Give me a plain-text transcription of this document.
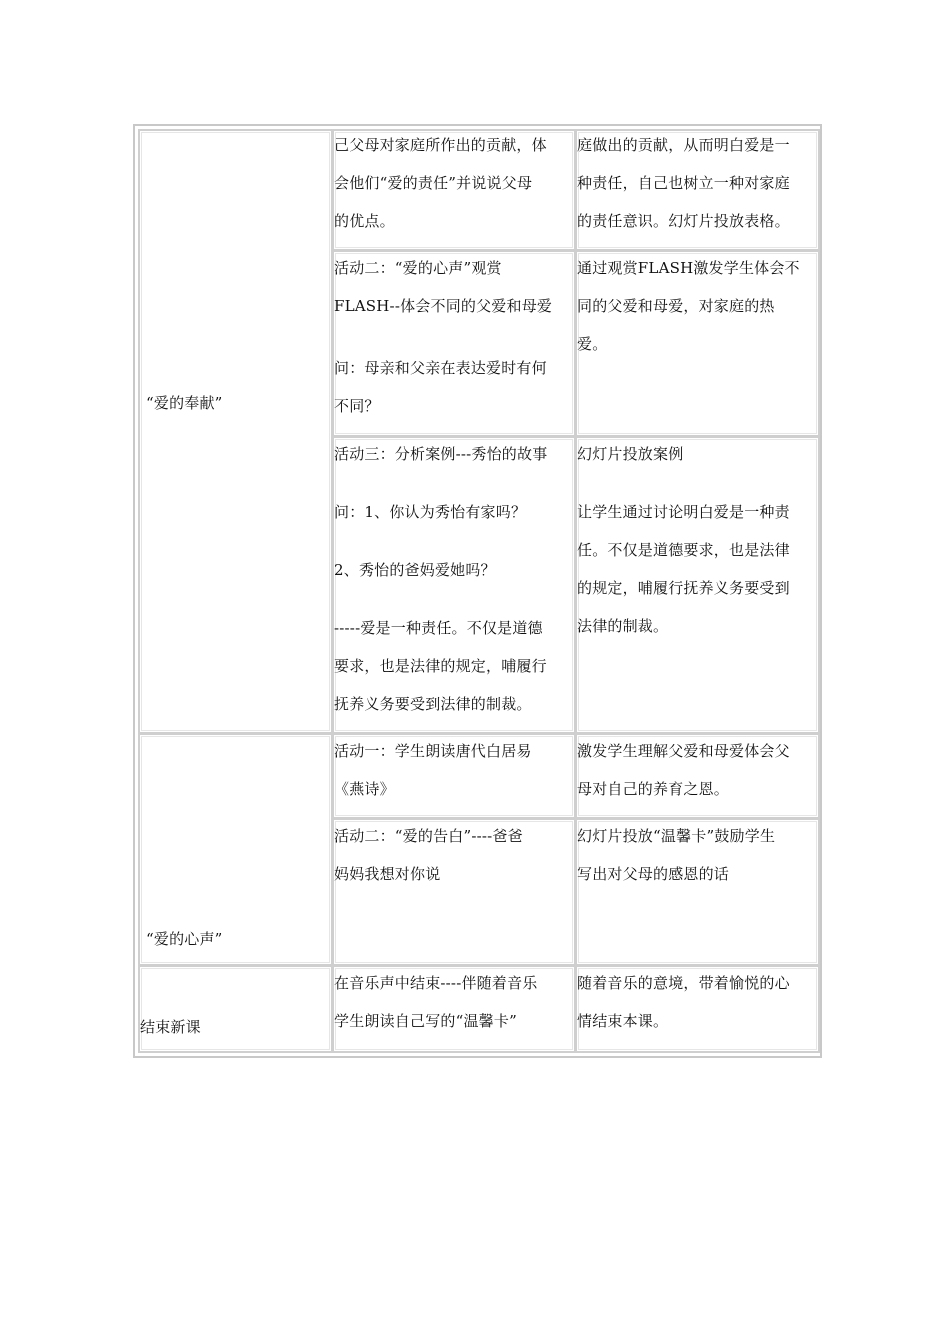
“爱的奉献”
己父母对家庭所作出的贡献，体
会他们“爱的责任”并说说父母
的优点。
庭做出的贡献，从而明白爱是一
种责任，自己也树立一种对家庭
的责任意识。幻灯片投放表格。
活动二：“爱的心声”观赏
FLASH--体会不同的父爱和母爱
问：母亲和父亲在表达爱时有何
不同？
通过观赏FLASH激发学生体会不
同的父爱和母爱，对家庭的热
爱。
活动三：分析案例---秀怡的故事
问：1、你认为秀怡有家吗？
2、秀怡的爸妈爱她吗？
-----爱是一种责任。不仅是道德
要求，也是法律的规定，哺履行
抚养义务要受到法律的制裁。
幻灯片投放案例
让学生通过讨论明白爱是一种责
任。不仅是道德要求，也是法律
的规定，哺履行抚养义务要受到
法律的制裁。
“爱的心声”
活动一：学生朗读唐代白居易
《燕诗》
激发学生理解父爱和母爱体会父
母对自己的养育之恩。
活动二：“爱的告白”----爸爸
妈妈我想对你说
幻灯片投放“温馨卡”鼓励学生
写出对父母的感恩的话
结束新课
在音乐声中结束----伴随着音乐
学生朗读自己写的“温馨卡”
随着音乐的意境，带着愉悦的心
情结束本课。
